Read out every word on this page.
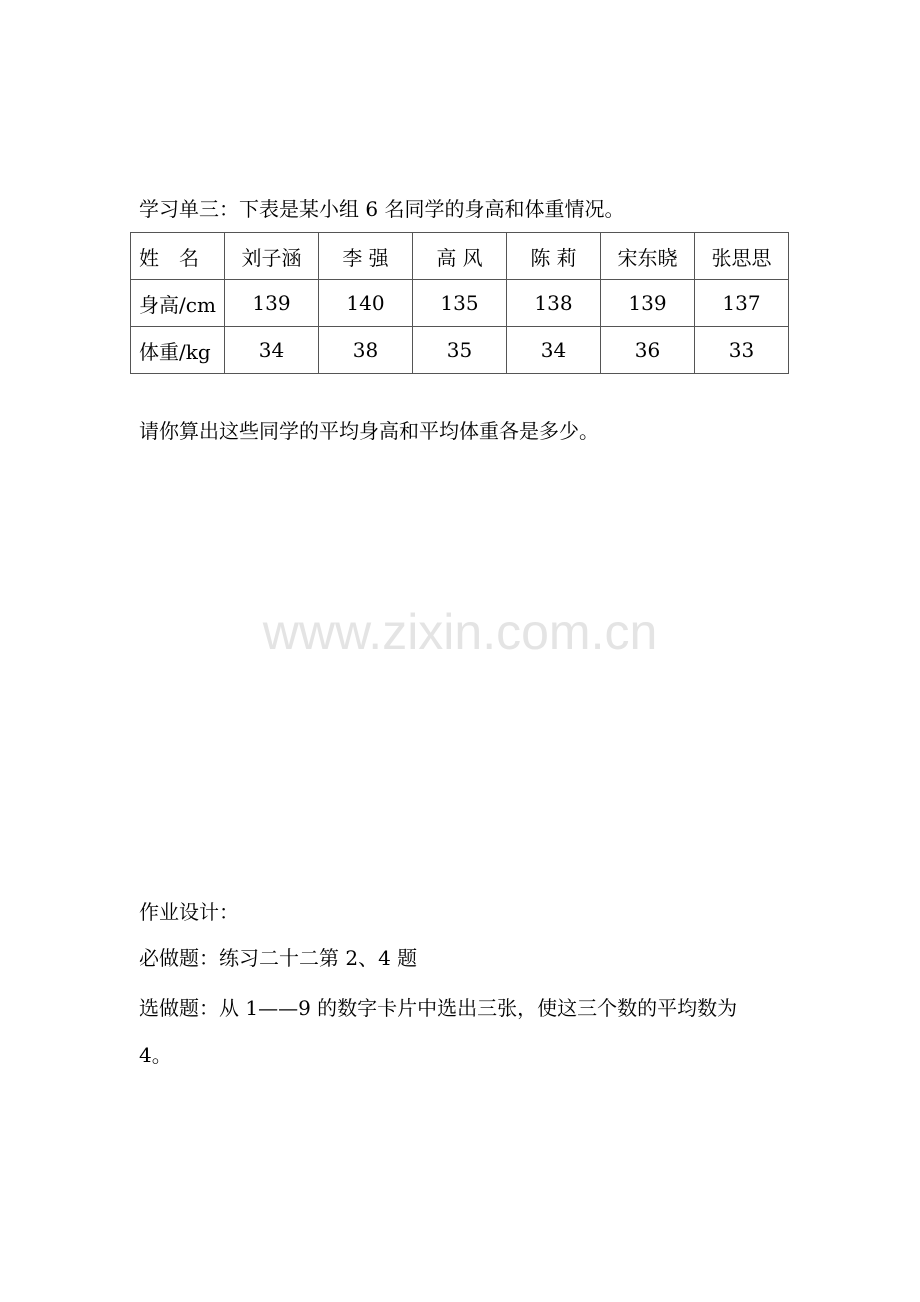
学习单三：下表是某小组 6 名同学的身高和体重情况。

姓　名	刘子涵	李 强	高 风	陈 莉	宋东晓	张思思
身高/cm	139	140	135	138	139	137
体重/kg	34	38	35	34	36	33

请你算出这些同学的平均身高和平均体重各是多少。

www.zixin.com.cn

作业设计：

必做题：练习二十二第 2、4 题

选做题：从 1——9 的数字卡片中选出三张，使这三个数的平均数为

4。
